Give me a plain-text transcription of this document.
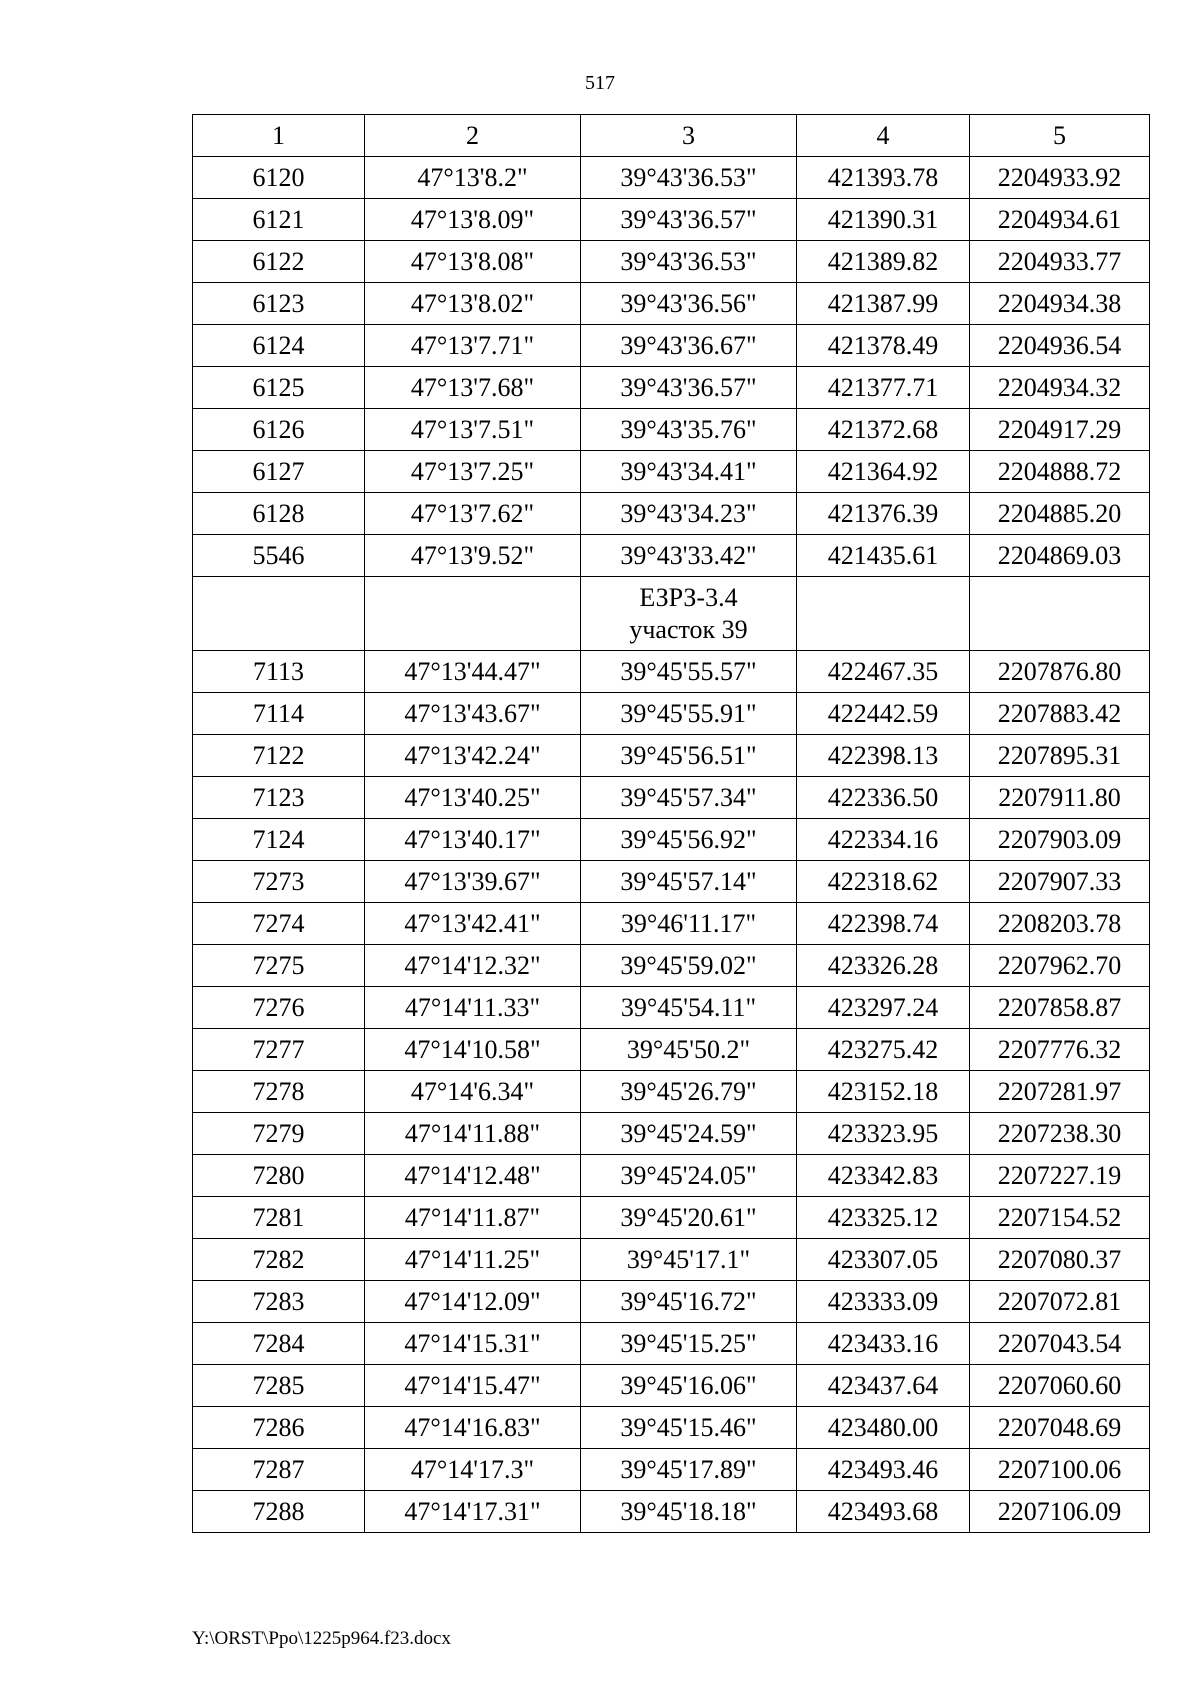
517
1	2	3	4	5
6120	47°13'8.2"	39°43'36.53"	421393.78	2204933.92
6121	47°13'8.09"	39°43'36.57"	421390.31	2204934.61
6122	47°13'8.08"	39°43'36.53"	421389.82	2204933.77
6123	47°13'8.02"	39°43'36.56"	421387.99	2204934.38
6124	47°13'7.71"	39°43'36.67"	421378.49	2204936.54
6125	47°13'7.68"	39°43'36.57"	421377.71	2204934.32
6126	47°13'7.51"	39°43'35.76"	421372.68	2204917.29
6127	47°13'7.25"	39°43'34.41"	421364.92	2204888.72
6128	47°13'7.62"	39°43'34.23"	421376.39	2204885.20
5546	47°13'9.52"	39°43'33.42"	421435.61	2204869.03

		ЕЗРЗ-3.4
участок 39		

7113	47°13'44.47"	39°45'55.57"	422467.35	2207876.80
7114	47°13'43.67"	39°45'55.91"	422442.59	2207883.42
7122	47°13'42.24"	39°45'56.51"	422398.13	2207895.31
7123	47°13'40.25"	39°45'57.34"	422336.50	2207911.80
7124	47°13'40.17"	39°45'56.92"	422334.16	2207903.09
7273	47°13'39.67"	39°45'57.14"	422318.62	2207907.33
7274	47°13'42.41"	39°46'11.17"	422398.74	2208203.78
7275	47°14'12.32"	39°45'59.02"	423326.28	2207962.70
7276	47°14'11.33"	39°45'54.11"	423297.24	2207858.87
7277	47°14'10.58"	39°45'50.2"	423275.42	2207776.32
7278	47°14'6.34"	39°45'26.79"	423152.18	2207281.97
7279	47°14'11.88"	39°45'24.59"	423323.95	2207238.30
7280	47°14'12.48"	39°45'24.05"	423342.83	2207227.19
7281	47°14'11.87"	39°45'20.61"	423325.12	2207154.52
7282	47°14'11.25"	39°45'17.1"	423307.05	2207080.37
7283	47°14'12.09"	39°45'16.72"	423333.09	2207072.81
7284	47°14'15.31"	39°45'15.25"	423433.16	2207043.54
7285	47°14'15.47"	39°45'16.06"	423437.64	2207060.60
7286	47°14'16.83"	39°45'15.46"	423480.00	2207048.69
7287	47°14'17.3"	39°45'17.89"	423493.46	2207100.06
7288	47°14'17.31"	39°45'18.18"	423493.68	2207106.09
Y:\ORST\Ppo\1225p964.f23.docx
